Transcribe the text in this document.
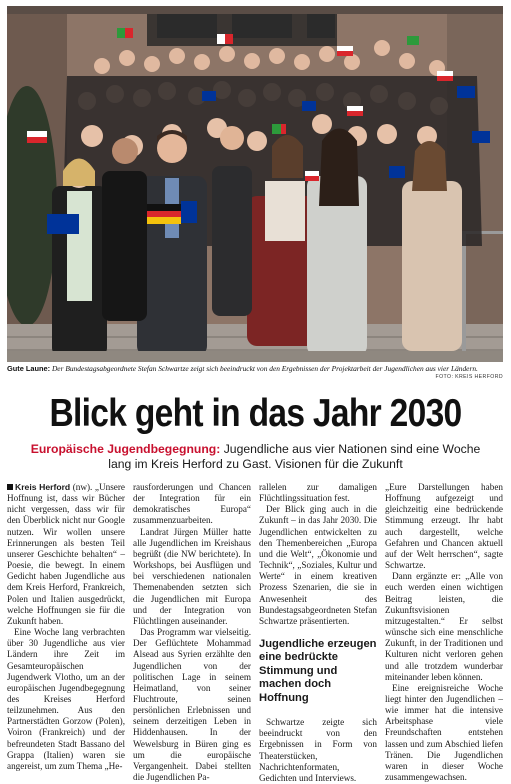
Gute Laune: Der Bundestagsabgeordnete Stefan Schwartze zeigt sich beeindruckt von den Ergebnissen der Projektarbeit der Jugendlichen aus vier Ländern.
FOTO: KREIS HERFORD
Blick geht in das Jahr 2030
Europäische Jugendbegegnung: Jugendliche aus vier Nationen sind eine Woche lang im Kreis Herford zu Gast. Visionen für die Zukunft

Kreis Herford (nw). „Unsere Hoffnung ist, dass wir Bücher nicht vergessen, dass wir für den Überblick nicht nur Google nutzen. Wir wollen unsere Erinnerungen als besten Teil unserer Geschichte behalten“ – Poesie, die bewegt. In einem Gedicht haben Jugendliche aus dem Kreis Herford, Frankreich, Polen und Italien ausgedrückt, welche Hoffnungen sie für die Zukunft haben.

Eine Woche lang verbrachten über 30 Jugendliche aus vier Ländern ihre Zeit im Gesamteuropäischen Jugendwerk Vlotho, um an der europäischen Jugendbegegnung des Kreises Herford teilzunehmen. Aus den Partnerstädten Gorzow (Polen), Voiron (Frankreich) und der befreundeten Stadt Bassano del Grappa (Italien) waren sie angereist, um zum Thema „He-

rausforderungen und Chancen der Integration für ein demokratisches Europa“ zusammenzuarbeiten.

Landrat Jürgen Müller hatte alle Jugendlichen im Kreishaus begrüßt (die NW berichtete). In Workshops, bei Ausflügen und bei verschiedenen nationalen Themenabenden setzten sich die Jugendlichen mit Europa und der Integration von Flüchtlingen auseinander.

Das Programm war vielseitig. Der Geflüchtete Mohammad Alsead aus Syrien erzählte den Jugendlichen von der politischen Lage in seinem Heimatland, von seiner Fluchtroute, seinen persönlichen Erlebnissen und seinem derzeitigen Leben in Hiddenhausen. In der Wewelsburg in Büren ging es um die europäische Vergangenheit. Dabei stellten die Jugendlichen Pa-

rallelen zur damaligen Flüchtlingssituation fest.

Der Blick ging auch in die Zukunft – in das Jahr 2030. Die Jugendlichen entwickelten zu den Themenbereichen „Europa und die Welt“, „Ökonomie und Technik“, „Soziales, Kultur und Werte“ in einem kreativen Prozess Szenarien, die sie in Anwesenheit des Bundestagsabgeordneten Stefan Schwartze präsentierten.

Jugendliche erzeugen eine bedrückte Stimmung und machen doch Hoffnung

Schwartze zeigte sich beeindruckt von den Ergebnissen in Form von Theaterstücken, Nachrichtenformaten, Gedichten und Interviews.

„Eure Darstellungen haben Hoffnung aufgezeigt und gleichzeitig eine bedrückende Stimmung erzeugt. Ihr habt auch dargestellt, welche Gefahren und Chancen aktuell auf der Welt herrschen“, sagte Schwartze.

Dann ergänzte er: „Alle von euch werden einen wichtigen Beitrag leisten, die Zukunftsvisionen mitzugestalten.“ Er selbst wünsche sich eine menschliche Zukunft, in der Traditionen und Kulturen nicht verloren gehen und alle trotzdem wunderbar miteinander leben können.

Eine ereignisreiche Woche liegt hinter den Jugendlichen – wie immer hat die intensive Arbeitsphase viele Freundschaften entstehen lassen und zum Abschied liefen Tränen. Die Jugendlichen waren in dieser Woche zusammengewachsen.
